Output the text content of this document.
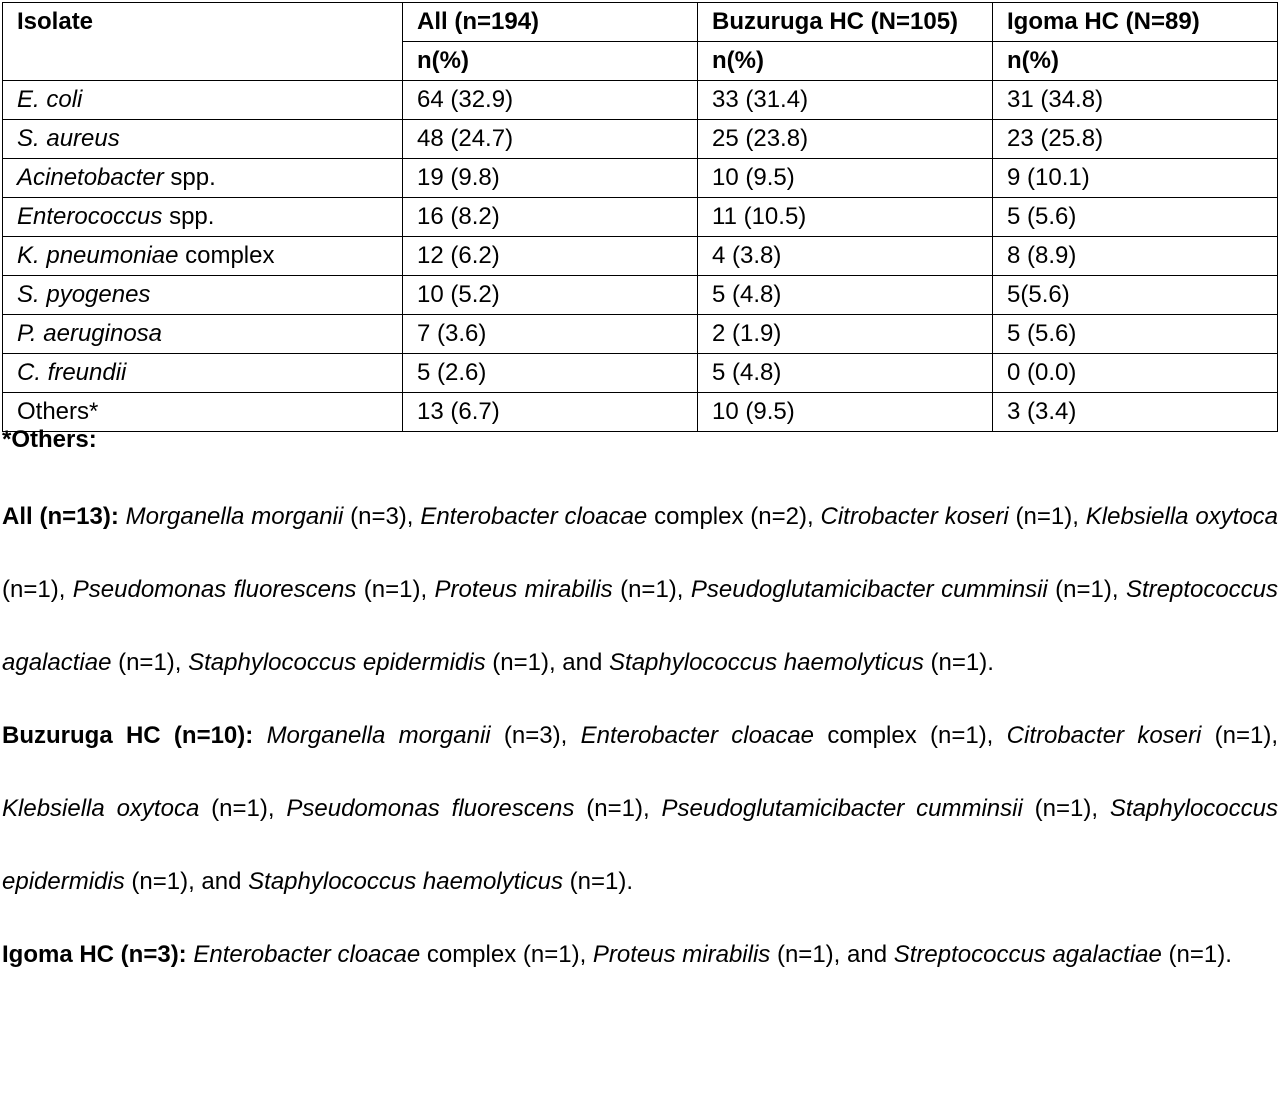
Isolate	All (n=194)	Buzuruga HC (N=105)	Igoma HC (N=89)
	n(%)	n(%)	n(%)
E. coli	64 (32.9)	33 (31.4)	31 (34.8)
S. aureus	48 (24.7)	25 (23.8)	23 (25.8)
Acinetobacter spp.	19 (9.8)	10 (9.5)	9 (10.1)
Enterococcus spp.	16 (8.2)	11 (10.5)	5 (5.6)
K. pneumoniae complex	12 (6.2)	4 (3.8)	8 (8.9)
S. pyogenes	10 (5.2)	5 (4.8)	5(5.6)
P. aeruginosa	7 (3.6)	2 (1.9)	5 (5.6)
C. freundii	5 (2.6)	5 (4.8)	0 (0.0)
Others*	13 (6.7)	10 (9.5)	3 (3.4)

*Others:

All (n=13): Morganella morganii (n=3), Enterobacter cloacae complex (n=2), Citrobacter koseri (n=1), Klebsiella oxytoca (n=1), Pseudomonas fluorescens (n=1), Proteus mirabilis (n=1), Pseudoglutamicibacter cumminsii (n=1), Streptococcus agalactiae (n=1), Staphylococcus epidermidis (n=1), and Staphylococcus haemolyticus (n=1).

Buzuruga HC (n=10): Morganella morganii (n=3), Enterobacter cloacae complex (n=1), Citrobacter koseri (n=1), Klebsiella oxytoca (n=1), Pseudomonas fluorescens (n=1), Pseudoglutamicibacter cumminsii (n=1), Staphylococcus epidermidis (n=1), and Staphylococcus haemolyticus (n=1).

Igoma HC (n=3): Enterobacter cloacae complex (n=1), Proteus mirabilis (n=1), and Streptococcus agalactiae (n=1).
